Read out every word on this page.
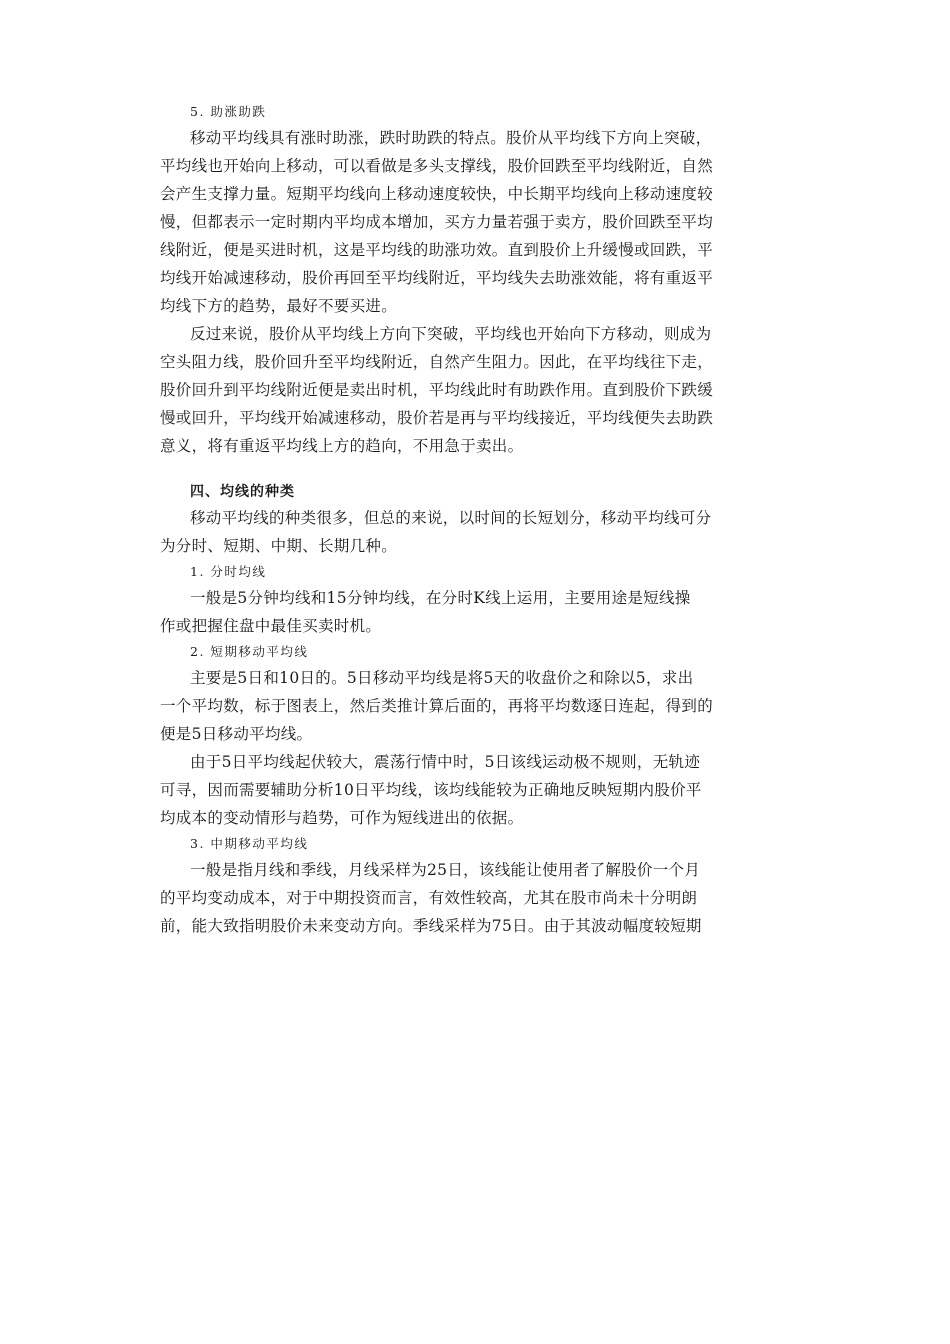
5. 助涨助跌
移动平均线具有涨时助涨，跌时助跌的特点。股价从平均线下方向上突破，
平均线也开始向上移动，可以看做是多头支撑线，股价回跌至平均线附近，自然
会产生支撑力量。短期平均线向上移动速度较快，中长期平均线向上移动速度较
慢，但都表示一定时期内平均成本增加，买方力量若强于卖方，股价回跌至平均
线附近，便是买进时机，这是平均线的助涨功效。直到股价上升缓慢或回跌，平
均线开始减速移动，股价再回至平均线附近，平均线失去助涨效能，将有重返平
均线下方的趋势，最好不要买进。
反过来说，股价从平均线上方向下突破，平均线也开始向下方移动，则成为
空头阻力线，股价回升至平均线附近，自然产生阻力。因此，在平均线往下走，
股价回升到平均线附近便是卖出时机，平均线此时有助跌作用。直到股价下跌缓
慢或回升，平均线开始减速移动，股价若是再与平均线接近，平均线便失去助跌
意义，将有重返平均线上方的趋向，不用急于卖出。
四、均线的种类
移动平均线的种类很多，但总的来说，以时间的长短划分，移动平均线可分
为分时、短期、中期、长期几种。
1. 分时均线
一般是5分钟均线和15分钟均线，在分时K线上运用，主要用途是短线操
作或把握住盘中最佳买卖时机。
2. 短期移动平均线
主要是5日和10日的。5日移动平均线是将5天的收盘价之和除以5，求出
一个平均数，标于图表上，然后类推计算后面的，再将平均数逐日连起，得到的
便是5日移动平均线。
由于5日平均线起伏较大，震荡行情中时，5日该线运动极不规则，无轨迹
可寻，因而需要辅助分析10日平均线，该均线能较为正确地反映短期内股价平
均成本的变动情形与趋势，可作为短线进出的依据。
3. 中期移动平均线
一般是指月线和季线，月线采样为25日，该线能让使用者了解股价一个月
的平均变动成本，对于中期投资而言，有效性较高，尤其在股市尚未十分明朗
前，能大致指明股价未来变动方向。季线采样为75日。由于其波动幅度较短期
